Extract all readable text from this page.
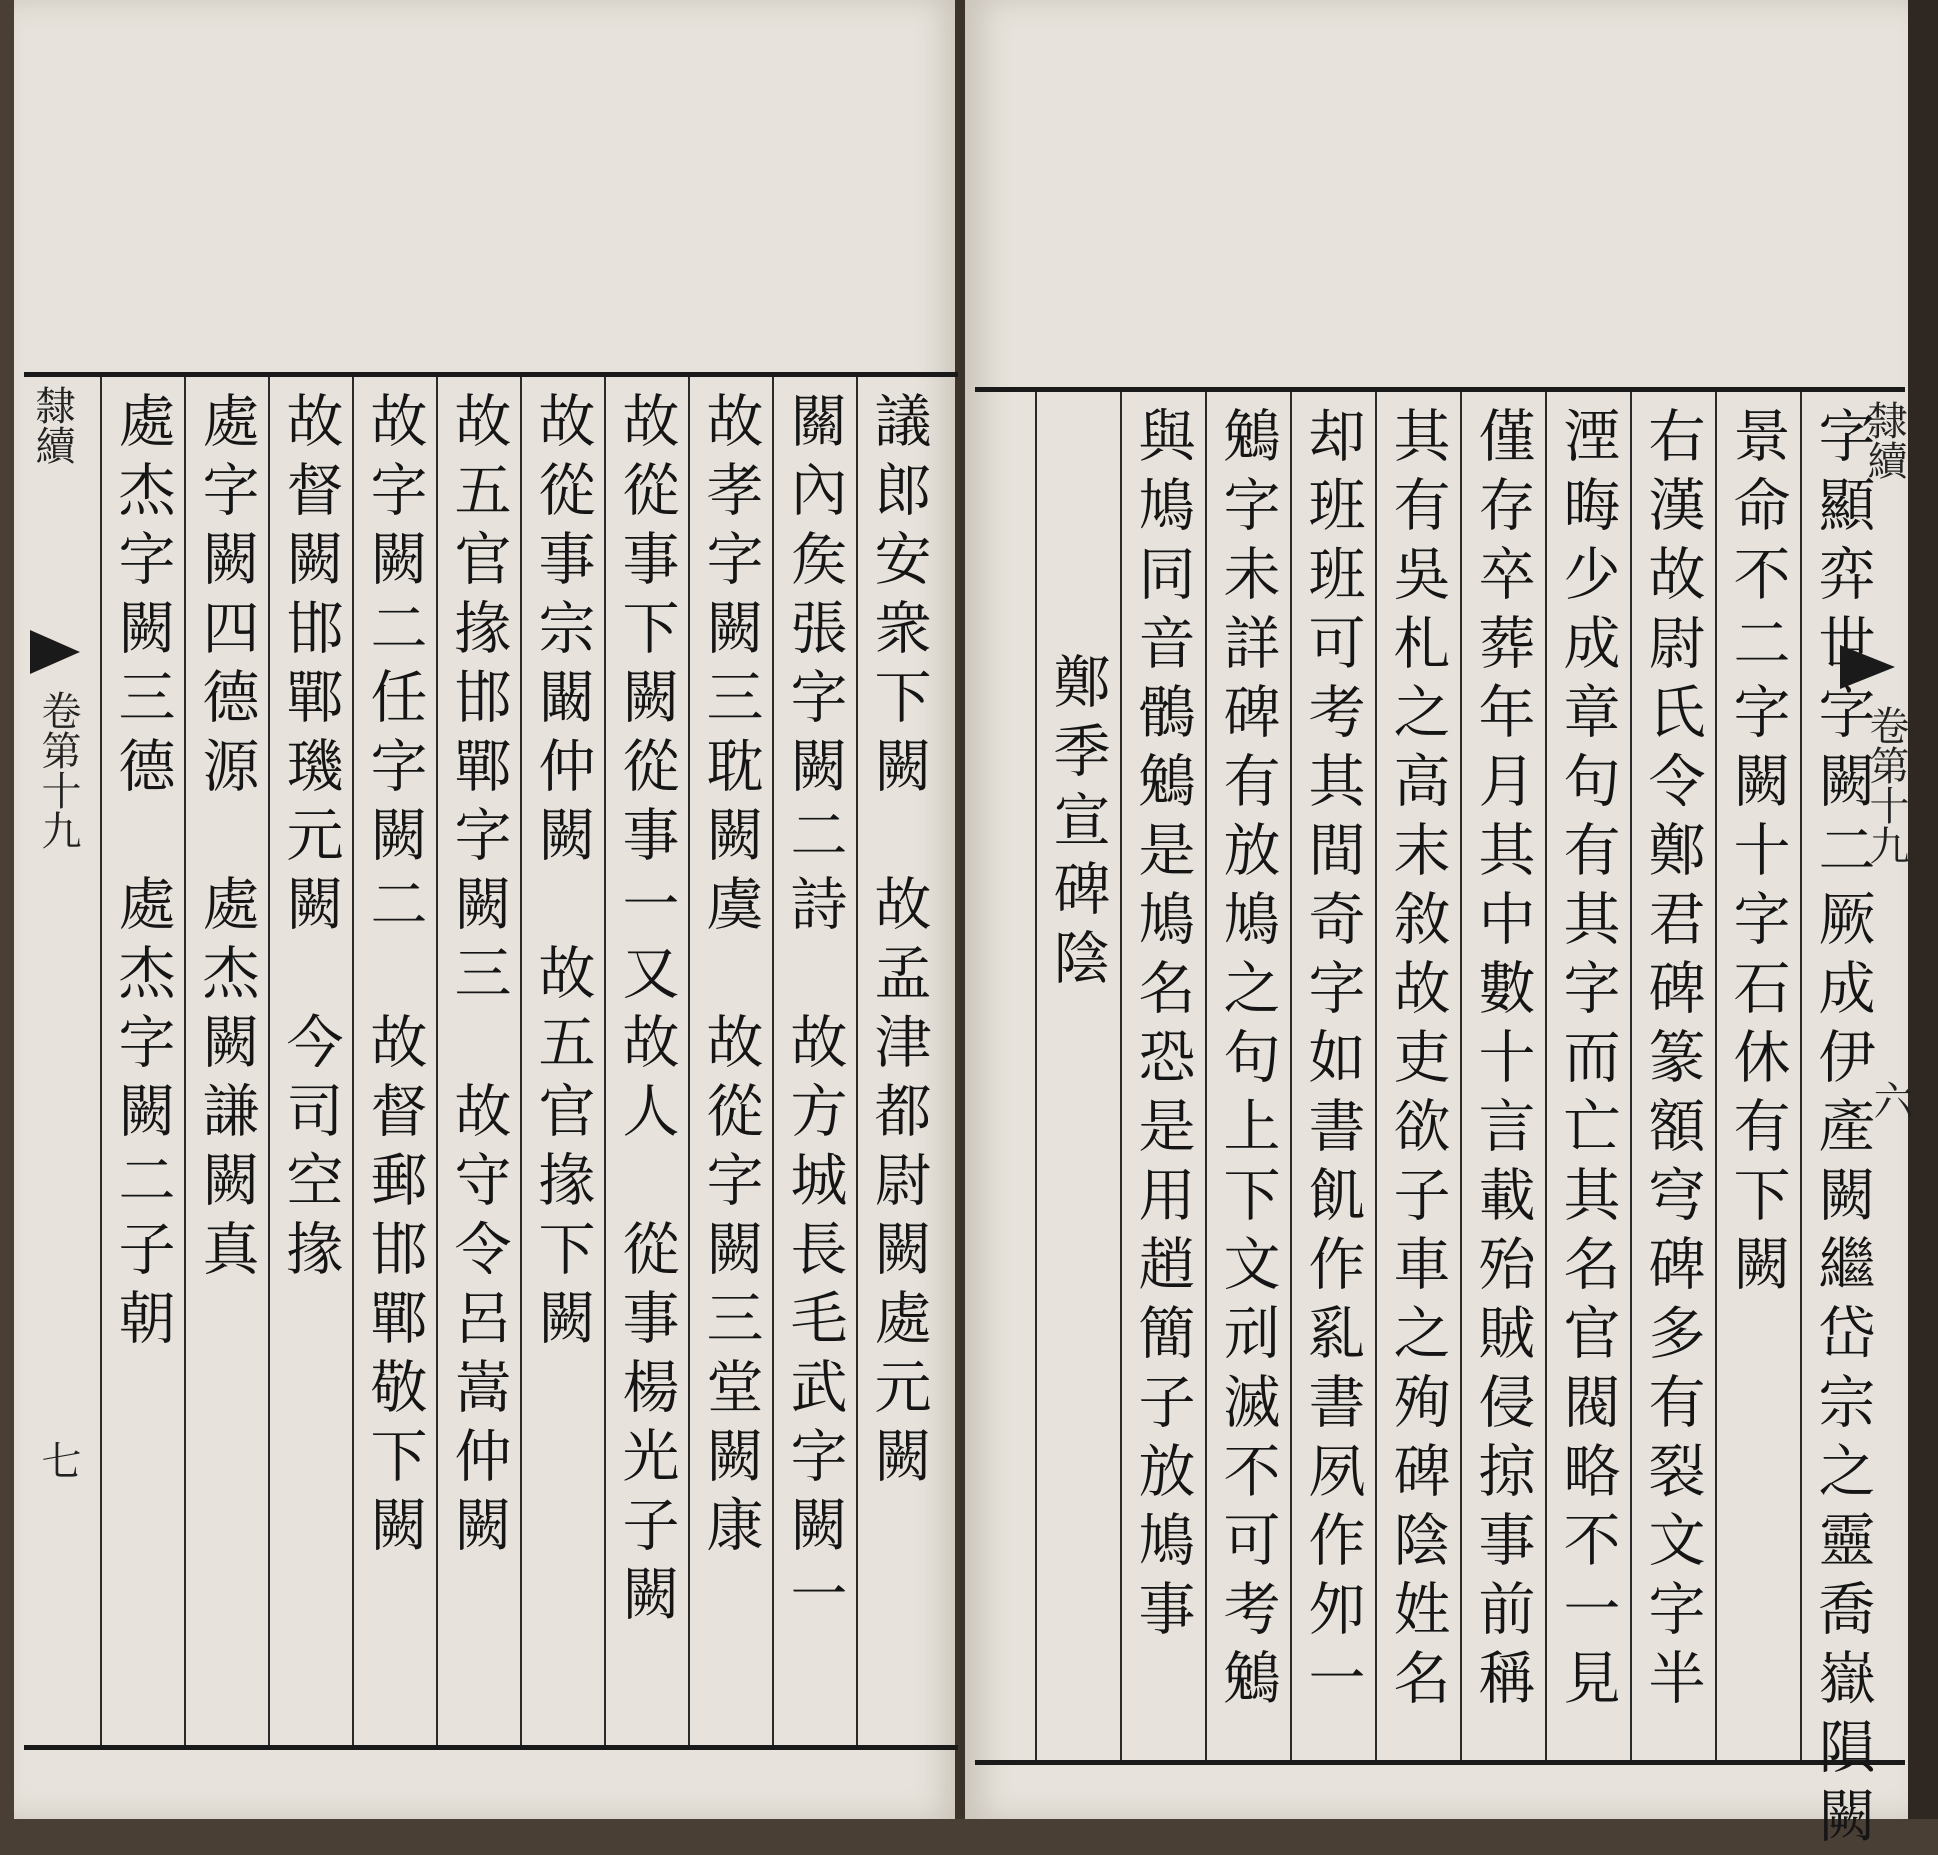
議郎安衆下闕　故孟津都尉闕處元闕
關內矦張字闕二詩　故方城長毛武字闕一
故孝字闕三耽闕虞　故從字闕三堂闕康
故從事下闕從事一又故人　從事楊光子闕
故從事宗闞仲闕　故五官掾下闕
故五官掾邯鄲字闕三　故守令呂嵩仲闕
故字闕二任字闕二　故督郵邯鄲敬下闕
故督闕邯鄲璣元闕　今司空掾
處字闕四德源　處杰闕謙闕真
處杰字闕三德　處杰字闕二子朝
隸續
卷第十九
七	字顯弈世字闕二厥成伊產闕繼岱宗之靈喬嶽隕闕
景命不二字闕十字石休有下闕
右漢故尉氏令鄭君碑篆額穹碑多有裂文字半
湮晦少成章句有其字而亡其名官閥略不一見
僅存卒葬年月其中數十言載殆賊侵掠事前稱
其有吳札之高末敘故吏欲子車之殉碑陰姓名
却班班可考其間奇字如書飢作乿書夙作夘一
鵵字未詳碑有放鳩之句上下文刓滅不可考鵵
與鳩同音鶻鵵是鳩名恐是用趙簡子放鳩事
鄭季宣碑陰
隸續
卷第十九
六
